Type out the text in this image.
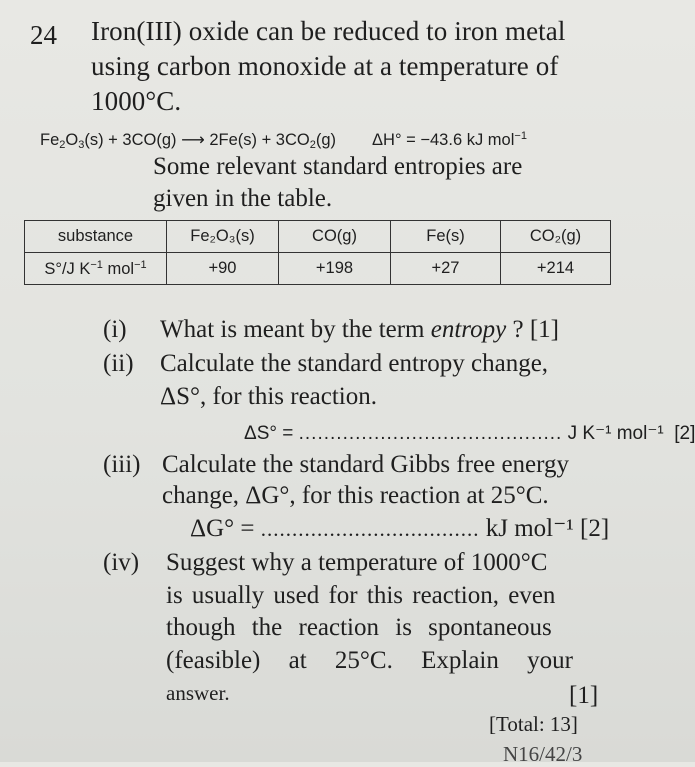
24 Iron(III) oxide can be reduced to iron metal
using carbon monoxide at a temperature of
1000°C.
$Fe_2O_3(s) + 3CO(g)$ ⟶ $2Fe(s) + 3CO_2(g) \Delta H^\circ = -43.6$ kJ mol$^{-1}$
Some relevant standard entropies are
given in the table.
substance	Fe₂O₃(s)	CO(g)	Fe(s)	CO₂(g)
S°/J $K^{-1}$ mol$^{-1}$	+90	+198	+27	+214
(i) What is meant by the term entropy ? [1]
(ii) Calculate the standard entropy change,
ΔS°, for this reaction.
ΔS° = .......................................... J K⁻¹ mol⁻¹ [2]
(iii) Calculate the standard Gibbs free energy
change, ΔG°, for this reaction at 25°C.
ΔG° = ................................... kJ mol⁻¹ [2]
(iv) Suggest why a temperature of 1000°C
is usually used for this reaction, even
though the reaction is spontaneous
(feasible) at 25°C. Explain your
answer.	[1]
[Total: 13]
N16/42/3
